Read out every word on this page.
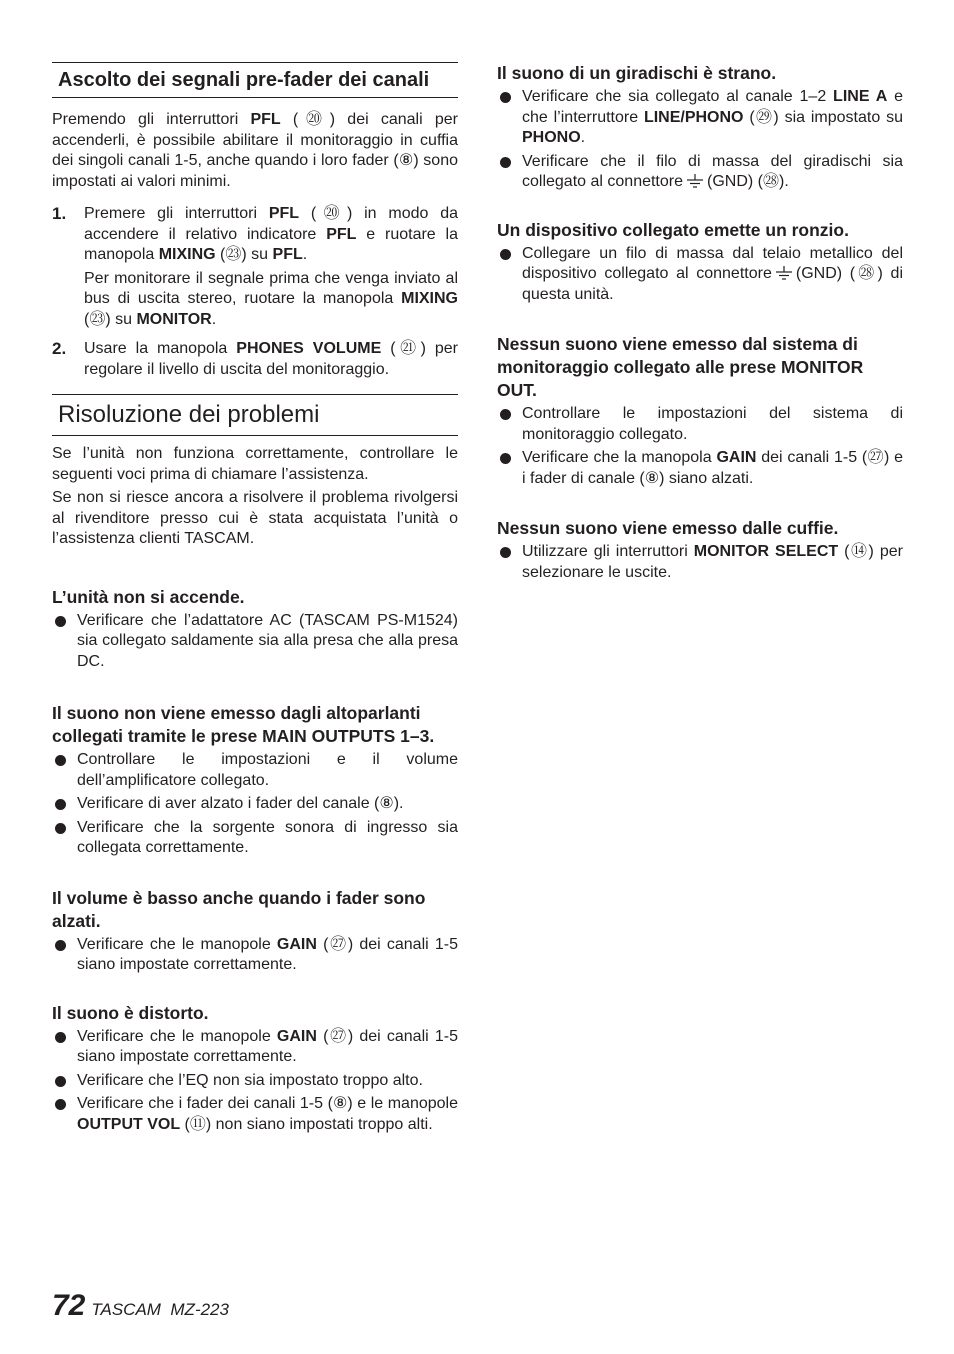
Ascolto dei segnali pre-fader dei canali

Premendo gli interruttori PFL (⑳) dei canali per accenderli, è possibile abilitare il monitoraggio in cuffia dei singoli canali 1-5, anche quando i loro fader (⑧) sono impostati ai valori minimi.

1. Premere gli interruttori PFL (⑳) in modo da accendere il relativo indicatore PFL e ruotare la manopola MIXING (㉓) su PFL.

Per monitorare il segnale prima che venga inviato al bus di uscita stereo, ruotare la manopola MIXING (㉓) su MONITOR.

2. Usare la manopola PHONES VOLUME (㉑) per regolare il livello di uscita del monitoraggio.

Risoluzione dei problemi

Se l’unità non funziona correttamente, controllare le seguenti voci prima di chiamare l’assistenza.

Se non si riesce ancora a risolvere il problema rivolgersi al rivenditore presso cui è stata acquistata l’unità o l’assistenza clienti TASCAM.

L’unità non si accende.

Verificare che l’adattatore AC (TASCAM PS-M1524) sia collegato saldamente sia alla presa che alla presa DC.

Il suono non viene emesso dagli altoparlanti collegati tramite le prese MAIN OUTPUTS 1–3.

Controllare le impostazioni e il volume dell’amplificatore collegato.
Verificare di aver alzato i fader del canale (⑧).
Verificare che la sorgente sonora di ingresso sia collegata correttamente.

Il volume è basso anche quando i fader sono alzati.

Verificare che le manopole GAIN (㉗) dei canali 1-5 siano impostate correttamente.

Il suono è distorto.

Verificare che le manopole GAIN (㉗) dei canali 1-5 siano impostate correttamente.
Verificare che l’EQ non sia impostato troppo alto.
Verificare che i fader dei canali 1-5 (⑧) e le manopole OUTPUT VOL (⑪) non siano impostati troppo alti.

Il suono di un giradischi è strano.

Verificare che sia collegato al canale 1–2 LINE A e che l’interruttore LINE/PHONO (㉙) sia impostato su PHONO.
Verificare che il filo di massa del giradischi sia collegato al connettore (GND) (㉘).

Un dispositivo collegato emette un ronzio.

Collegare un filo di massa dal telaio metallico del dispositivo collegato al connettore (GND) (㉘) di questa unità.

Nessun suono viene emesso dal sistema di monitoraggio collegato alle prese MONITOR OUT.

Controllare le impostazioni del sistema di monitoraggio collegato.
Verificare che la manopola GAIN dei canali 1-5 (㉗) e i fader di canale (⑧) siano alzati.

Nessun suono viene emesso dalle cuffie.

Utilizzare gli interruttori MONITOR SELECT (⑭) per selezionare le uscite.
72 TASCAM  MZ-223
